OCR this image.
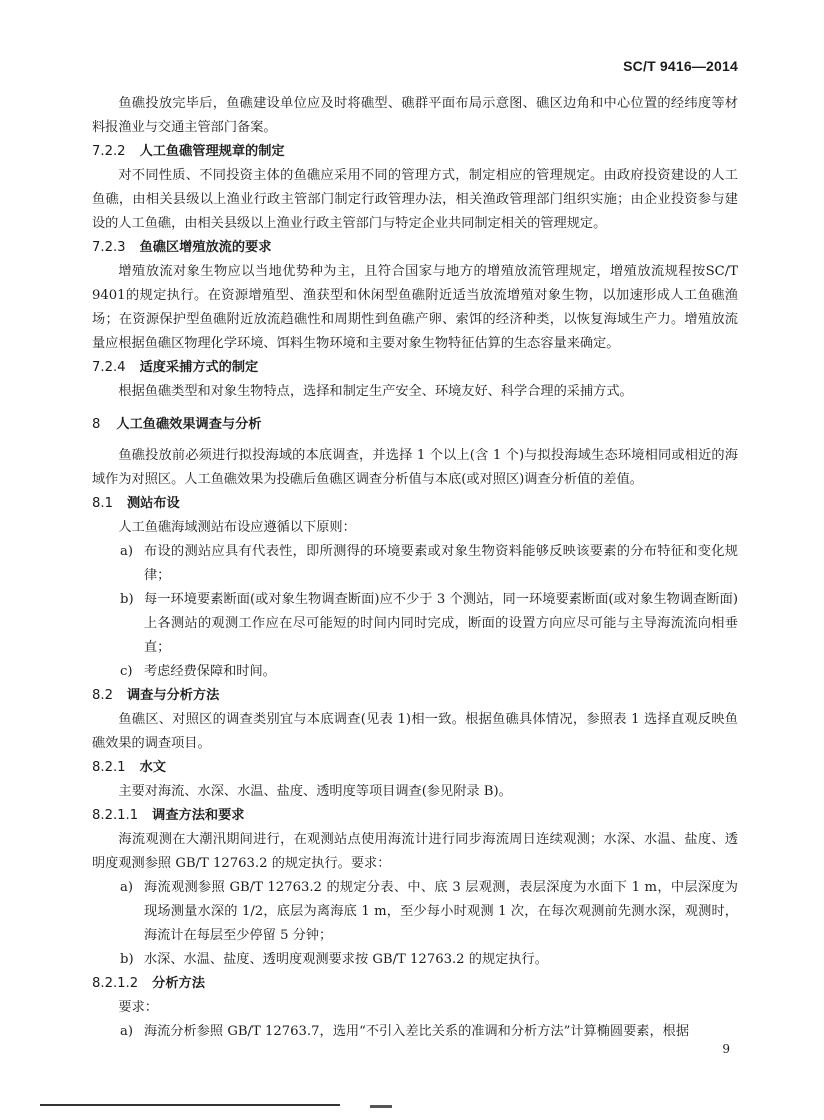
SC/T 9416—2014

鱼礁投放完毕后，鱼礁建设单位应及时将礁型、礁群平面布局示意图、礁区边角和中心位置的经纬度等材料报渔业与交通主管部门备案。

7.2.2 人工鱼礁管理规章的制定

对不同性质、不同投资主体的鱼礁应采用不同的管理方式，制定相应的管理规定。由政府投资建设的人工鱼礁，由相关县级以上渔业行政主管部门制定行政管理办法，相关渔政管理部门组织实施；由企业投资参与建设的人工鱼礁，由相关县级以上渔业行政主管部门与特定企业共同制定相关的管理规定。

7.2.3 鱼礁区增殖放流的要求

增殖放流对象生物应以当地优势种为主，且符合国家与地方的增殖放流管理规定，增殖放流规程按SC/T 9401的规定执行。在资源增殖型、渔获型和休闲型鱼礁附近适当放流增殖对象生物，以加速形成人工鱼礁渔场；在资源保护型鱼礁附近放流趋礁性和周期性到鱼礁产卵、索饵的经济种类，以恢复海域生产力。增殖放流量应根据鱼礁区物理化学环境、饵料生物环境和主要对象生物特征估算的生态容量来确定。

7.2.4 适度采捕方式的制定

根据鱼礁类型和对象生物特点，选择和制定生产安全、环境友好、科学合理的采捕方式。

8 人工鱼礁效果调查与分析

鱼礁投放前必须进行拟投海域的本底调查，并选择 1 个以上(含 1 个)与拟投海域生态环境相同或相近的海域作为对照区。人工鱼礁效果为投礁后鱼礁区调查分析值与本底(或对照区)调查分析值的差值。

8.1 测站布设

人工鱼礁海域测站布设应遵循以下原则：

a) 布设的测站应具有代表性，即所测得的环境要素或对象生物资料能够反映该要素的分布特征和变化规律；
b) 每一环境要素断面(或对象生物调查断面)应不少于 3 个测站，同一环境要素断面(或对象生物调查断面)上各测站的观测工作应在尽可能短的时间内同时完成，断面的设置方向应尽可能与主导海流流向相垂直；
c) 考虑经费保障和时间。
8.2 调查与分析方法

鱼礁区、对照区的调查类别宜与本底调查(见表 1)相一致。根据鱼礁具体情况，参照表 1 选择直观反映鱼礁效果的调查项目。

8.2.1 水文

主要对海流、水深、水温、盐度、透明度等项目调查(参见附录 B)。

8.2.1.1 调查方法和要求

海流观测在大潮汛期间进行，在观测站点使用海流计进行同步海流周日连续观测；水深、水温、盐度、透明度观测参照 GB/T 12763.2 的规定执行。要求：

a) 海流观测参照 GB/T 12763.2 的规定分表、中、底 3 层观测，表层深度为水面下 1 m，中层深度为现场测量水深的 1/2，底层为离海底 1 m，至少每小时观测 1 次，在每次观测前先测水深，观测时，海流计在每层至少停留 5 分钟；
b) 水深、水温、盐度、透明度观测要求按 GB/T 12763.2 的规定执行。
8.2.1.2 分析方法

要求：

a) 海流分析参照 GB/T 12763.7，选用“不引入差比关系的准调和分析方法”计算椭圆要素，根据
9
